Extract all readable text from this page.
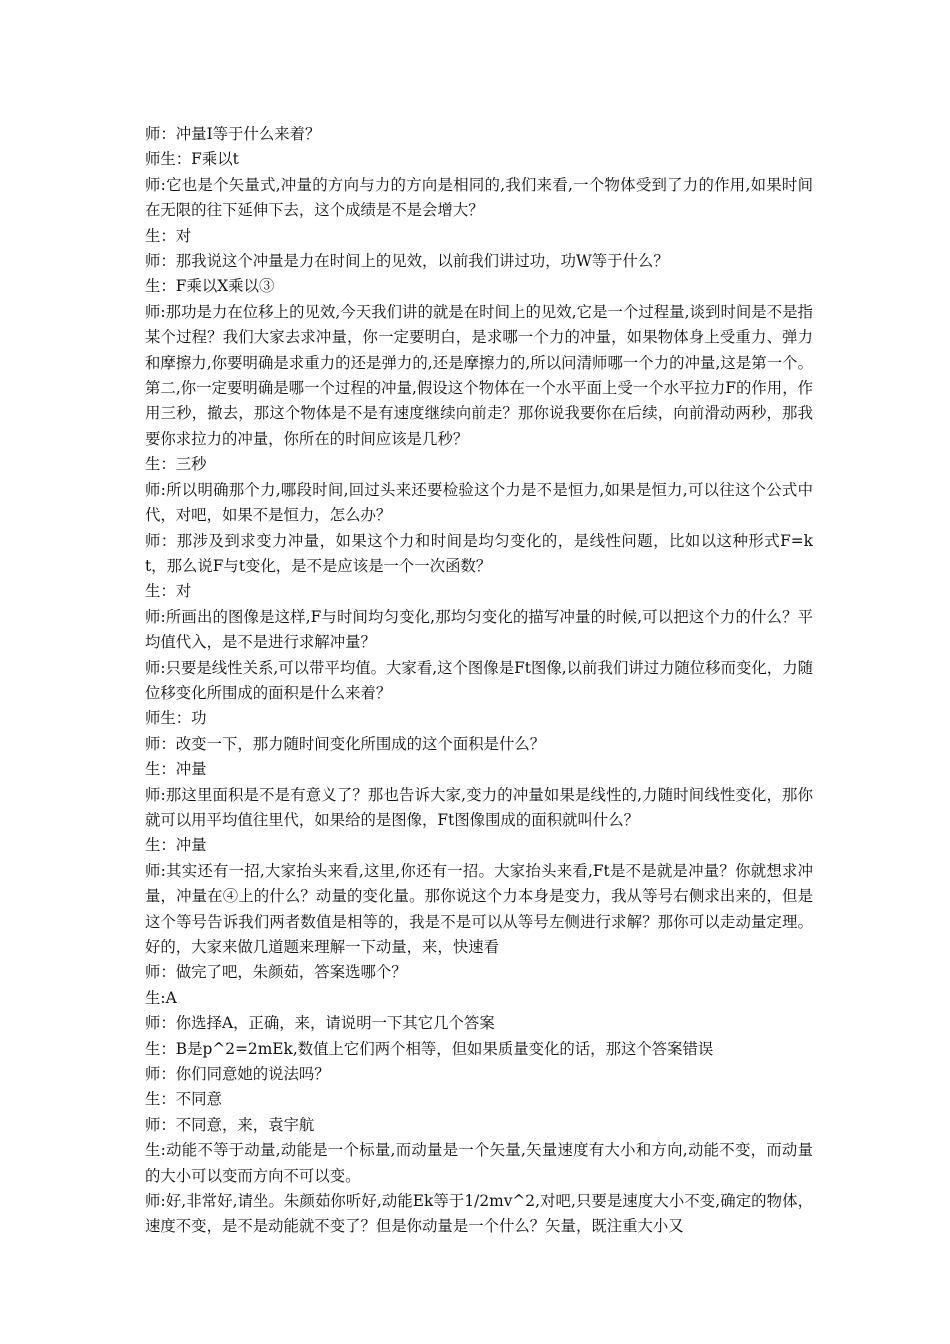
师：冲量I等于什么来着？

师生：F乘以t

师:它也是个矢量式,冲量的方向与力的方向是相同的,我们来看,一个物体受到了力的作用,如果时间在无限的往下延伸下去，这个成绩是不是会增大？

生：对

师：那我说这个冲量是力在时间上的见效，以前我们讲过功，功W等于什么？

生：F乘以X乘以③

师:那功是力在位移上的见效,今天我们讲的就是在时间上的见效,它是一个过程量,谈到时间是不是指某个过程？我们大家去求冲量，你一定要明白，是求哪一个力的冲量，如果物体身上受重力、弹力和摩擦力,你要明确是求重力的还是弹力的,还是摩擦力的,所以问清师哪一个力的冲量,这是第一个。第二,你一定要明确是哪一个过程的冲量,假设这个物体在一个水平面上受一个水平拉力F的作用，作用三秒，撤去，那这个物体是不是有速度继续向前走？那你说我要你在后续，向前滑动两秒，那我要你求拉力的冲量，你所在的时间应该是几秒？

生：三秒

师:所以明确那个力,哪段时间,回过头来还要检验这个力是不是恒力,如果是恒力,可以往这个公式中代，对吧，如果不是恒力，怎么办？

师：那涉及到求变力冲量，如果这个力和时间是均匀变化的，是线性问题，比如以这种形式F=kt，那么说F与t变化，是不是应该是一个一次函数？

生：对

师:所画出的图像是这样,F与时间均匀变化,那均匀变化的描写冲量的时候,可以把这个力的什么？平均值代入，是不是进行求解冲量？

师:只要是线性关系,可以带平均值。大家看,这个图像是Ft图像,以前我们讲过力随位移而变化，力随位移变化所围成的面积是什么来着？

师生：功

师：改变一下，那力随时间变化所围成的这个面积是什么？

生：冲量

师:那这里面积是不是有意义了？那也告诉大家,变力的冲量如果是线性的,力随时间线性变化，那你就可以用平均值往里代，如果给的是图像，Ft图像围成的面积就叫什么？

生：冲量

师:其实还有一招,大家抬头来看,这里,你还有一招。大家抬头来看,Ft是不是就是冲量？你就想求冲量，冲量在④上的什么？动量的变化量。那你说这个力本身是变力，我从等号右侧求出来的，但是这个等号告诉我们两者数值是相等的，我是不是可以从等号左侧进行求解？那你可以走动量定理。好的，大家来做几道题来理解一下动量，来，快速看

师：做完了吧，朱颜茹，答案选哪个？

生:A

师：你选择A，正确，来，请说明一下其它几个答案

生：B是p^2=2mEk,数值上它们两个相等，但如果质量变化的话，那这个答案错误

师：你们同意她的说法吗？

生：不同意

师：不同意，来，袁宇航

生:动能不等于动量,动能是一个标量,而动量是一个矢量,矢量速度有大小和方向,动能不变，而动量的大小可以变而方向不可以变。

师:好,非常好,请坐。朱颜茹你听好,动能Ek等于1/2mv^2,对吧,只要是速度大小不变,确定的物体，速度不变，是不是动能就不变了？但是你动量是一个什么？矢量，既注重大小又
